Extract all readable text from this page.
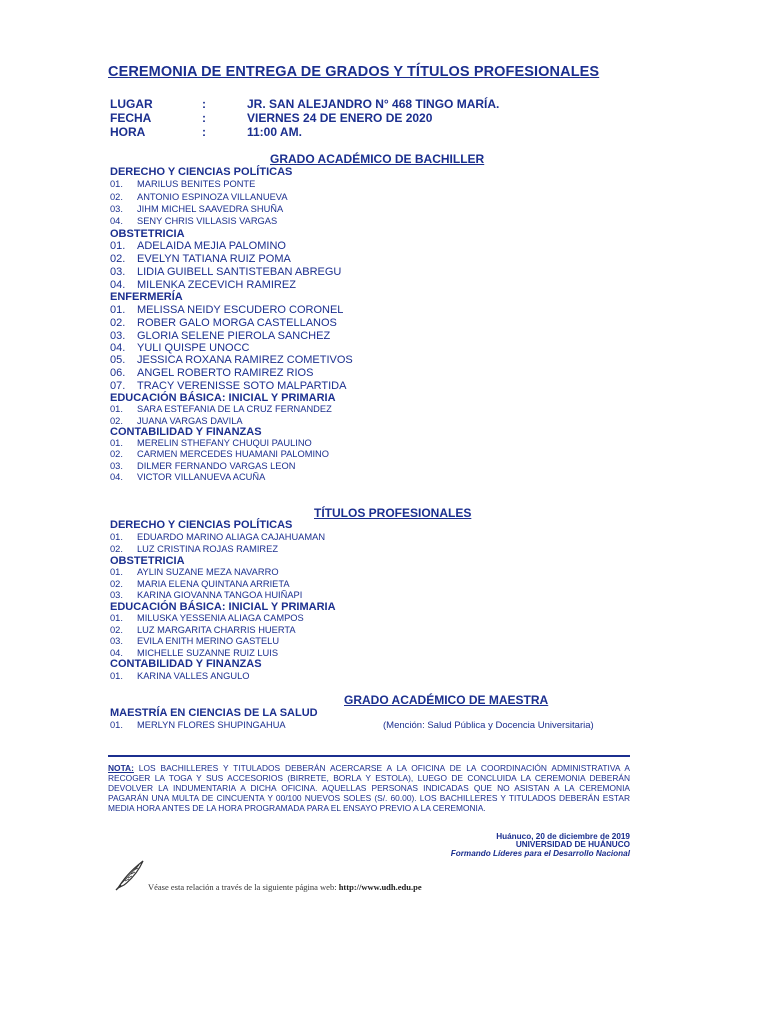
CEREMONIA DE ENTREGA DE GRADOS Y TÍTULOS PROFESIONALES
LUGAR	:	JR. SAN ALEJANDRO N° 468 TINGO MARÍA.
FECHA	:	VIERNES 24 DE ENERO DE 2020
HORA	:	11:00 AM.
GRADO ACADÉMICO DE BACHILLER
DERECHO Y CIENCIAS POLÍTICAS
01. MARILUS BENITES PONTE
02. ANTONIO ESPINOZA VILLANUEVA
03. JIHM MICHEL SAAVEDRA SHUÑA
04. SENY CHRIS VILLASIS VARGAS
OBSTETRICIA
01. ADELAIDA MEJIA PALOMINO
02. EVELYN TATIANA RUIZ POMA
03. LIDIA GUIBELL SANTISTEBAN ABREGU
04. MILENKA ZECEVICH RAMIREZ
ENFERMERÍA
01. MELISSA NEIDY ESCUDERO CORONEL
02. ROBER GALO MORGA CASTELLANOS
03. GLORIA SELENE PIEROLA SANCHEZ
04. YULI QUISPE UNOCC
05. JESSICA ROXANA RAMIREZ COMETIVOS
06. ANGEL ROBERTO RAMIREZ RIOS
07. TRACY VERENISSE SOTO MALPARTIDA
EDUCACIÓN BÁSICA: INICIAL Y PRIMARIA
01. SARA ESTEFANIA DE LA CRUZ FERNANDEZ
02. JUANA VARGAS DAVILA
CONTABILIDAD Y FINANZAS
01. MERELIN STHEFANY CHUQUI PAULINO
02. CARMEN MERCEDES HUAMANI PALOMINO
03. DILMER FERNANDO VARGAS LEON
04. VICTOR VILLANUEVA ACUÑA
TÍTULOS PROFESIONALES
DERECHO Y CIENCIAS POLÍTICAS
01. EDUARDO MARINO ALIAGA CAJAHUAMAN
02. LUZ CRISTINA ROJAS RAMIREZ
OBSTETRICIA
01. AYLIN SUZANE MEZA NAVARRO
02. MARIA ELENA QUINTANA ARRIETA
03. KARINA GIOVANNA TANGOA HUIÑAPI
EDUCACIÓN BÁSICA: INICIAL Y PRIMARIA
01. MILUSKA YESSENIA ALIAGA CAMPOS
02. LUZ MARGARITA CHARRIS HUERTA
03. EVILA ENITH MERINO GASTELU
04. MICHELLE SUZANNE RUIZ LUIS
CONTABILIDAD Y FINANZAS
01. KARINA VALLES ANGULO
GRADO ACADÉMICO DE MAESTRA
MAESTRÍA EN CIENCIAS DE LA SALUD
01. MERLYN FLORES SHUPINGAHUA	(Mención: Salud Pública y Docencia Universitaria)
NOTA: LOS BACHILLERES Y TITULADOS DEBERÁN ACERCARSE A LA OFICINA DE LA COORDINACIÓN ADMINISTRATIVA A RECOGER LA TOGA Y SUS ACCESORIOS (BIRRETE, BORLA Y ESTOLA), LUEGO DE CONCLUIDA LA CEREMONIA DEBERÁN DEVOLVER LA INDUMENTARIA A DICHA OFICINA. AQUELLAS PERSONAS INDICADAS QUE NO ASISTAN A LA CEREMONIA PAGARÁN UNA MULTA DE CINCUENTA Y 00/100 NUEVOS SOLES (S/. 60.00). LOS BACHILLERES Y TITULADOS DEBERÁN ESTAR MEDIA HORA ANTES DE LA HORA PROGRAMADA PARA EL ENSAYO PREVIO A LA CEREMONIA.
Huánuco, 20 de diciembre de 2019
UNIVERSIDAD DE HUÁNUCO
Formando Líderes para el Desarrollo Nacional
Véase esta relación a través de la siguiente página web: http://www.udh.edu.pe
